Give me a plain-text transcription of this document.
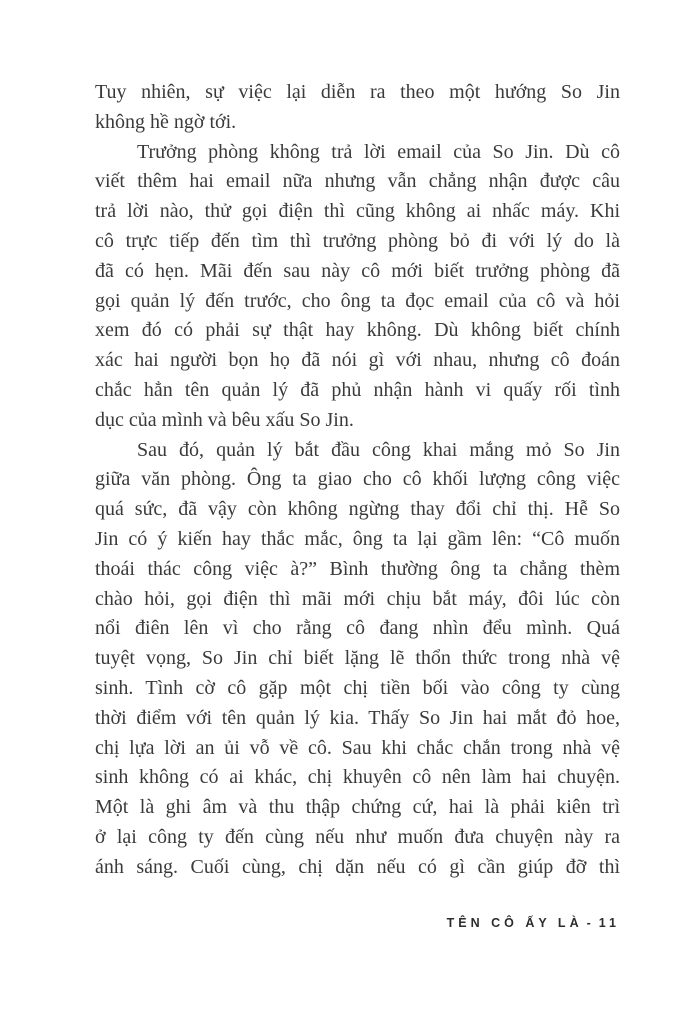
Tuy nhiên, sự việc lại diễn ra theo một hướng So Jin
không hề ngờ tới.
Trưởng phòng không trả lời email của So Jin. Dù cô
viết thêm hai email nữa nhưng vẫn chẳng nhận được câu
trả lời nào, thử gọi điện thì cũng không ai nhấc máy. Khi
cô trực tiếp đến tìm thì trưởng phòng bỏ đi với lý do là
đã có hẹn. Mãi đến sau này cô mới biết trưởng phòng đã
gọi quản lý đến trước, cho ông ta đọc email của cô và hỏi
xem đó có phải sự thật hay không. Dù không biết chính
xác hai người bọn họ đã nói gì với nhau, nhưng cô đoán
chắc hẳn tên quản lý đã phủ nhận hành vi quấy rối tình
dục của mình và bêu xấu So Jin.
Sau đó, quản lý bắt đầu công khai mắng mỏ So Jin
giữa văn phòng. Ông ta giao cho cô khối lượng công việc
quá sức, đã vậy còn không ngừng thay đổi chỉ thị. Hễ So
Jin có ý kiến hay thắc mắc, ông ta lại gầm lên: “Cô muốn
thoái thác công việc à?” Bình thường ông ta chẳng thèm
chào hỏi, gọi điện thì mãi mới chịu bắt máy, đôi lúc còn
nổi điên lên vì cho rằng cô đang nhìn đểu mình. Quá
tuyệt vọng, So Jin chỉ biết lặng lẽ thổn thức trong nhà vệ
sinh. Tình cờ cô gặp một chị tiền bối vào công ty cùng
thời điểm với tên quản lý kia. Thấy So Jin hai mắt đỏ hoe,
chị lựa lời an ủi vỗ về cô. Sau khi chắc chắn trong nhà vệ
sinh không có ai khác, chị khuyên cô nên làm hai chuyện.
Một là ghi âm và thu thập chứng cứ, hai là phải kiên trì
ở lại công ty đến cùng nếu như muốn đưa chuyện này ra
ánh sáng. Cuối cùng, chị dặn nếu có gì cần giúp đỡ thì
TÊN CÔ ẤY LÀ - 11
